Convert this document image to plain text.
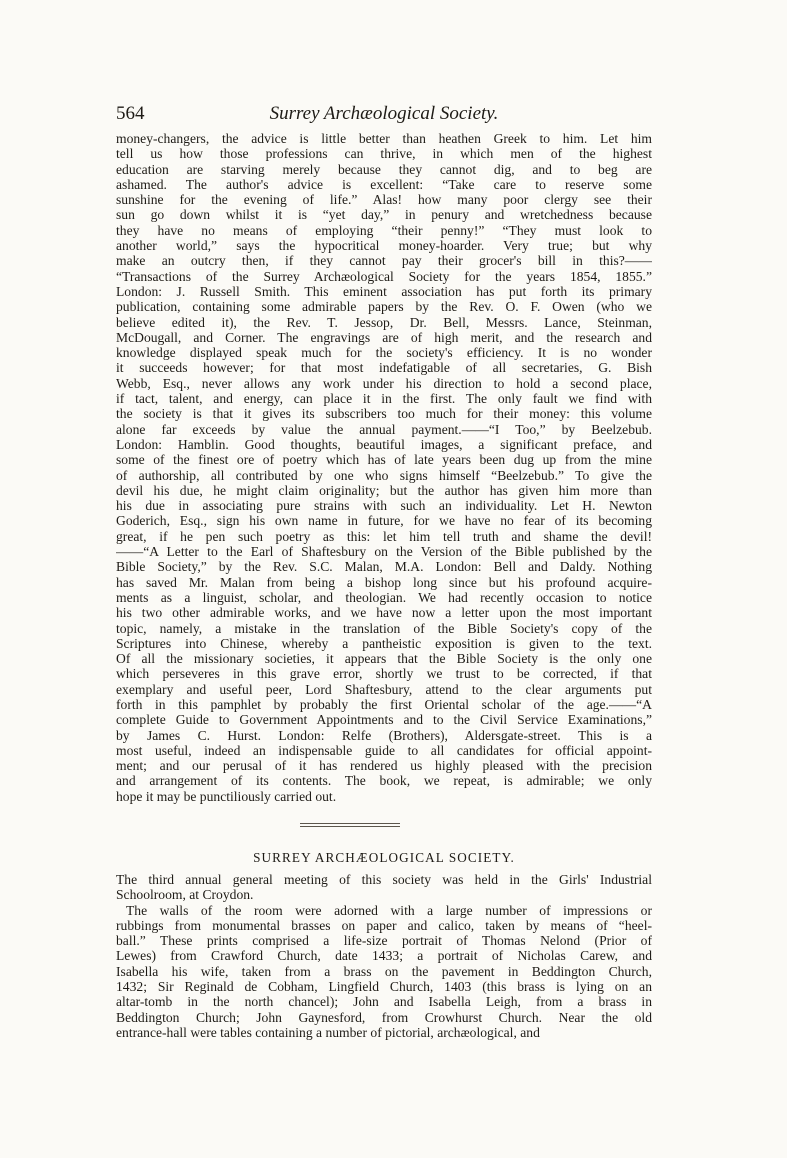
564	Surrey Archæological Society.
money-changers, the advice is little better than heathen Greek to him. Let him
tell us how those professions can thrive, in which men of the highest
education are starving merely because they cannot dig, and to beg are
ashamed. The author's advice is excellent: “Take care to reserve some
sunshine for the evening of life.” Alas! how many poor clergy see their
sun go down whilst it is “yet day,” in penury and wretchedness because
they have no means of employing “their penny!” “They must look to
another world,” says the hypocritical money-hoarder. Very true; but why
make an outcry then, if they cannot pay their grocer's bill in this?——
“Transactions of the Surrey Archæological Society for the years 1854, 1855.”
London: J. Russell Smith. This eminent association has put forth its primary
publication, containing some admirable papers by the Rev. O. F. Owen (who we
believe edited it), the Rev. T. Jessop, Dr. Bell, Messrs. Lance, Steinman,
McDougall, and Corner. The engravings are of high merit, and the research and
knowledge displayed speak much for the society's efficiency. It is no wonder
it succeeds however; for that most indefatigable of all secretaries, G. Bish
Webb, Esq., never allows any work under his direction to hold a second place,
if tact, talent, and energy, can place it in the first. The only fault we find with
the society is that it gives its subscribers too much for their money: this volume
alone far exceeds by value the annual payment.——“I Too,” by Beelzebub.
London: Hamblin. Good thoughts, beautiful images, a significant preface, and
some of the finest ore of poetry which has of late years been dug up from the mine
of authorship, all contributed by one who signs himself “Beelzebub.” To give the
devil his due, he might claim originality; but the author has given him more than
his due in associating pure strains with such an individuality. Let H. Newton
Goderich, Esq., sign his own name in future, for we have no fear of its becoming
great, if he pen such poetry as this: let him tell truth and shame the devil!
——“A Letter to the Earl of Shaftesbury on the Version of the Bible published by the
Bible Society,” by the Rev. S.C. Malan, M.A. London: Bell and Daldy. Nothing
has saved Mr. Malan from being a bishop long since but his profound acquire-
ments as a linguist, scholar, and theologian. We had recently occasion to notice
his two other admirable works, and we have now a letter upon the most important
topic, namely, a mistake in the translation of the Bible Society's copy of the
Scriptures into Chinese, whereby a pantheistic exposition is given to the text.
Of all the missionary societies, it appears that the Bible Society is the only one
which perseveres in this grave error, shortly we trust to be corrected, if that
exemplary and useful peer, Lord Shaftesbury, attend to the clear arguments put
forth in this pamphlet by probably the first Oriental scholar of the age.——“A
complete Guide to Government Appointments and to the Civil Service Examinations,”
by James C. Hurst. London: Relfe (Brothers), Aldersgate-street. This is a
most useful, indeed an indispensable guide to all candidates for official appoint-
ment; and our perusal of it has rendered us highly pleased with the precision
and arrangement of its contents. The book, we repeat, is admirable; we only
hope it may be punctiliously carried out.
SURREY ARCHÆOLOGICAL SOCIETY.
The third annual general meeting of this society was held in the Girls' Industrial
Schoolroom, at Croydon.
The walls of the room were adorned with a large number of impressions or
rubbings from monumental brasses on paper and calico, taken by means of “heel-
ball.” These prints comprised a life-size portrait of Thomas Nelond (Prior of
Lewes) from Crawford Church, date 1433; a portrait of Nicholas Carew, and
Isabella his wife, taken from a brass on the pavement in Beddington Church,
1432; Sir Reginald de Cobham, Lingfield Church, 1403 (this brass is lying on an
altar-tomb in the north chancel); John and Isabella Leigh, from a brass in
Beddington Church; John Gaynesford, from Crowhurst Church. Near the old
entrance-hall were tables containing a number of pictorial, archæological, and
